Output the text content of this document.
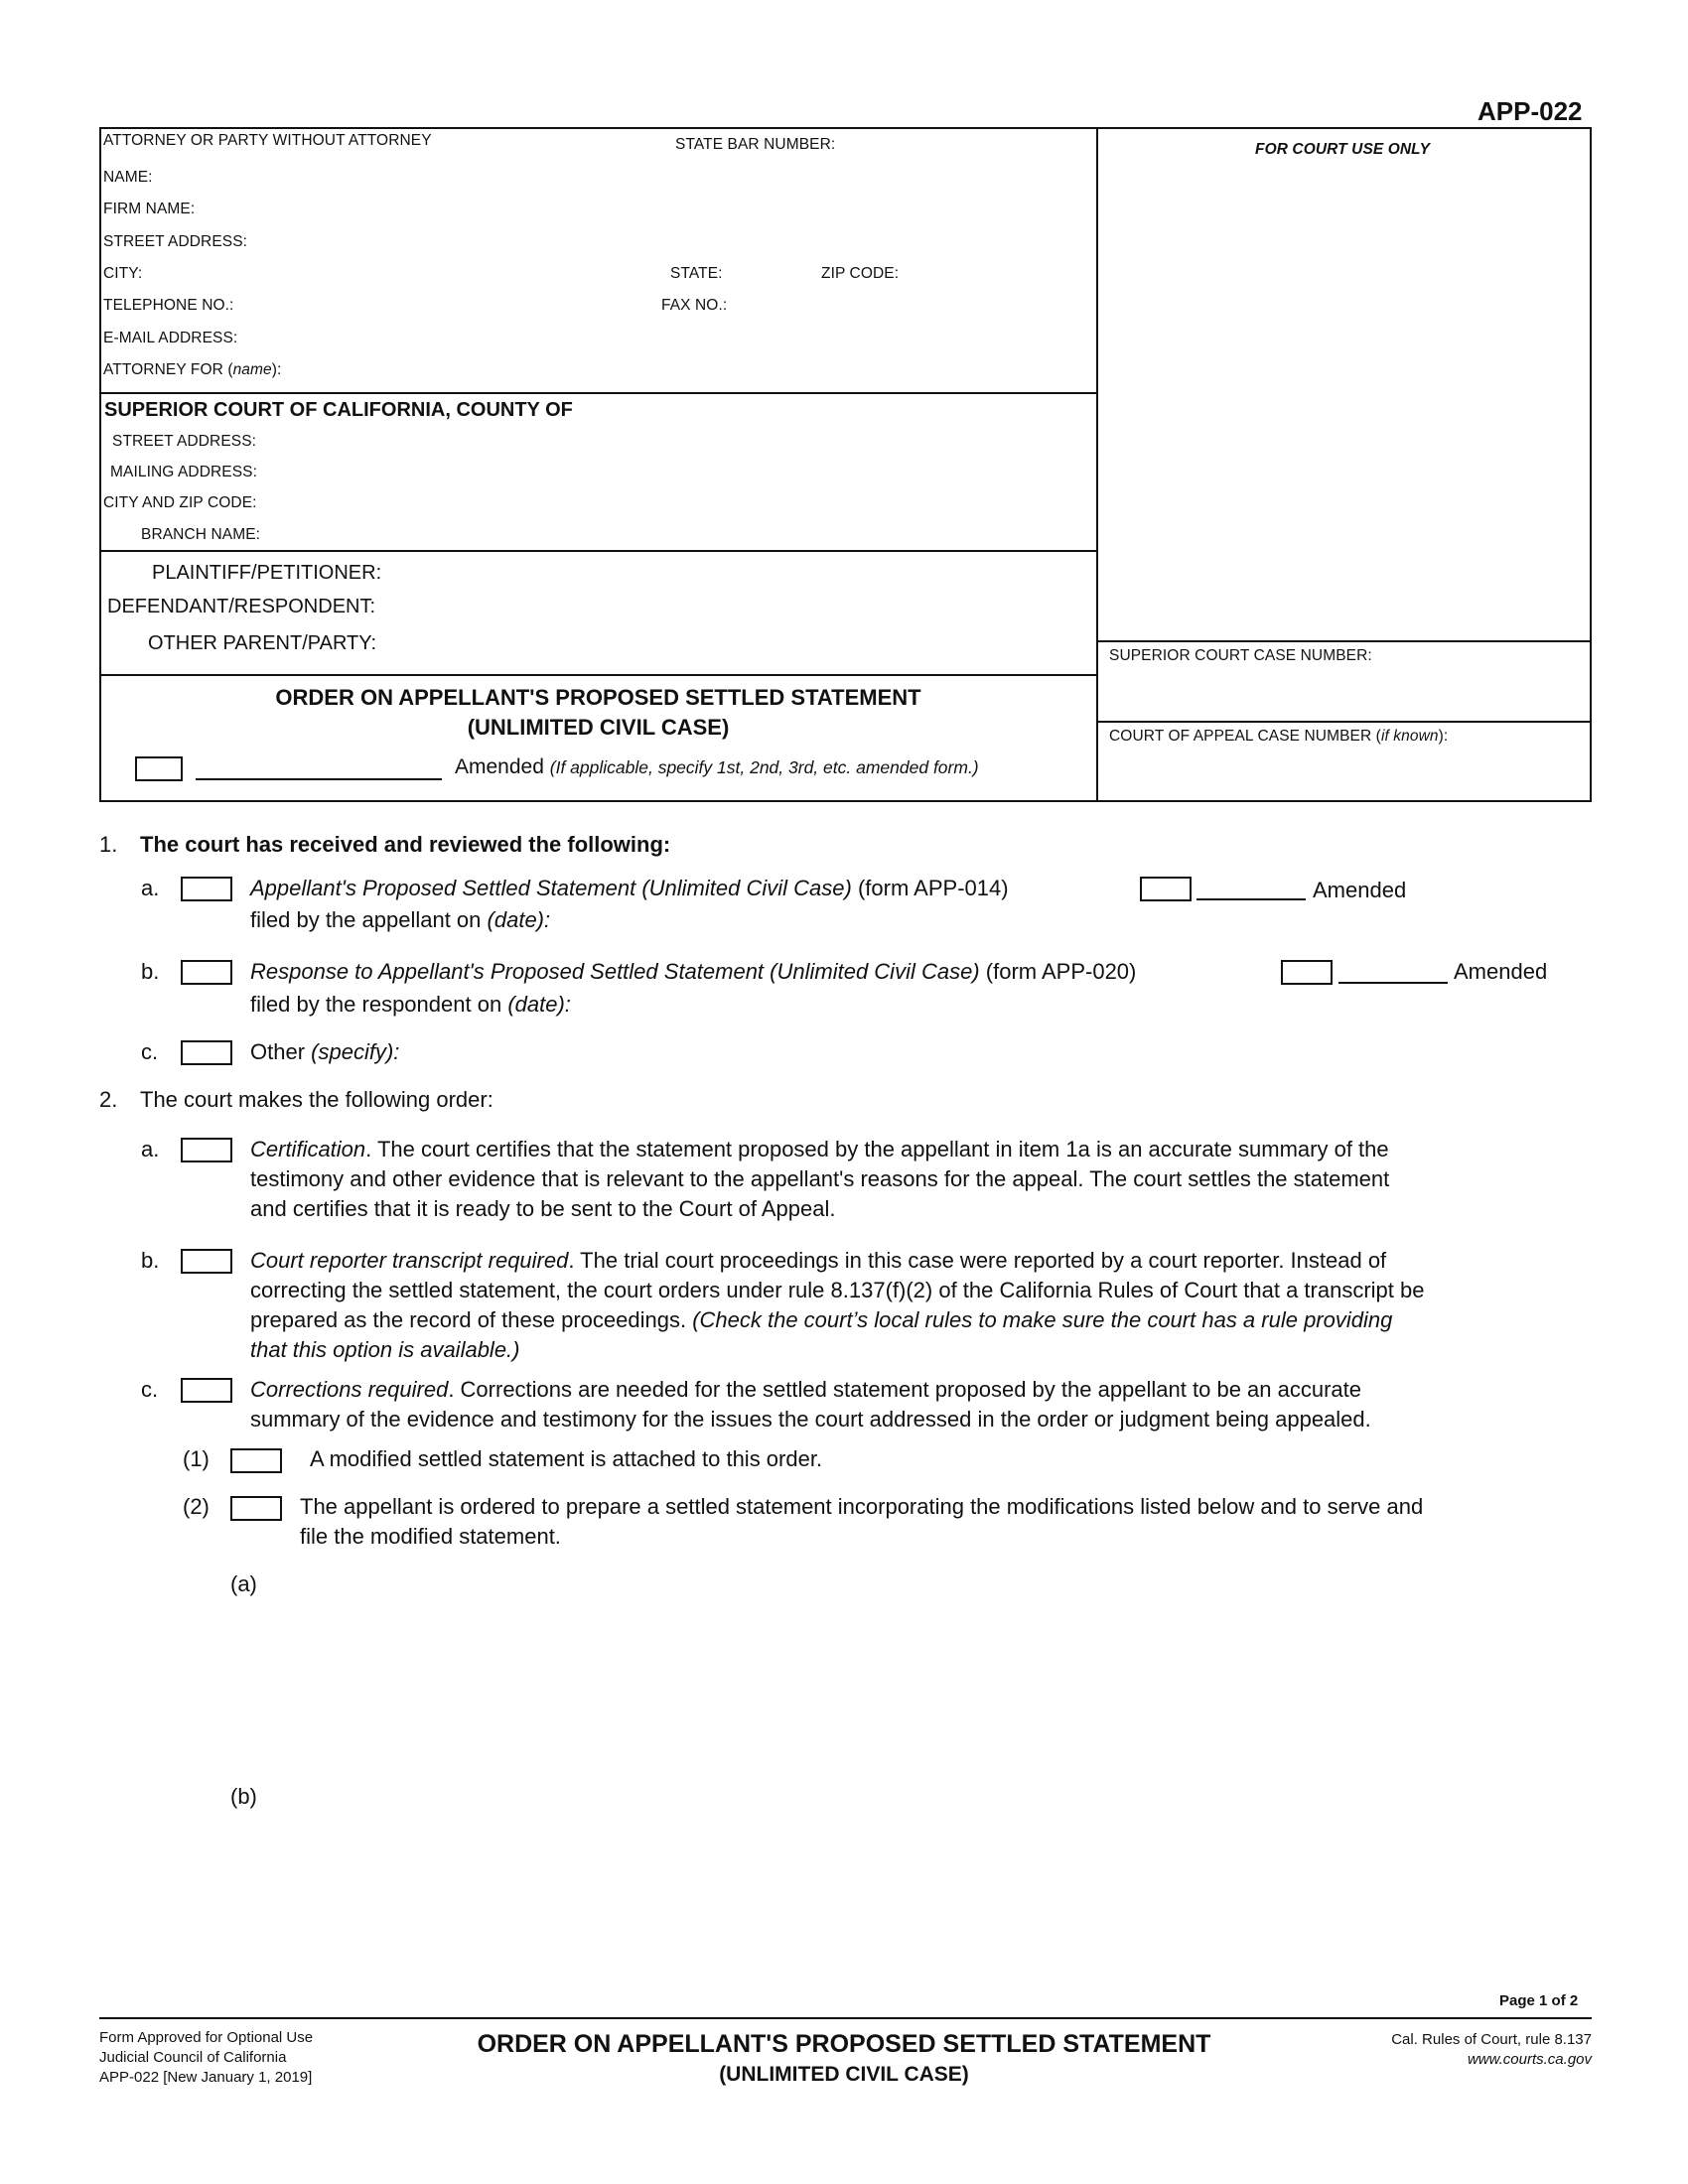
APP-022
ATTORNEY OR PARTY WITHOUT ATTORNEY	STATE BAR NUMBER:	FOR COURT USE ONLY
NAME:
FIRM NAME:
STREET ADDRESS:
CITY:	STATE:	ZIP CODE:
TELEPHONE NO.:	FAX NO.:
E-MAIL ADDRESS:
ATTORNEY FOR (name):
SUPERIOR COURT OF CALIFORNIA, COUNTY OF
STREET ADDRESS:
MAILING ADDRESS:
CITY AND ZIP CODE:
BRANCH NAME:
PLAINTIFF/PETITIONER:
DEFENDANT/RESPONDENT:
OTHER PARENT/PARTY:
SUPERIOR COURT CASE NUMBER:
COURT OF APPEAL CASE NUMBER (if known):
ORDER ON APPELLANT'S PROPOSED SETTLED STATEMENT
(UNLIMITED CIVIL CASE)
Amended (If applicable, specify 1st, 2nd, 3rd, etc. amended form.)
1. The court has received and reviewed the following:
a.	Appellant's Proposed Settled Statement (Unlimited Civil Case) (form APP-014)	Amended
filed by the appellant on (date):
b.	Response to Appellant's Proposed Settled Statement (Unlimited Civil Case) (form APP-020)	Amended
filed by the respondent on (date):
c.	Other (specify):
2. The court makes the following order:
a.	Certification. The court certifies that the statement proposed by the appellant in item 1a is an accurate summary of the
testimony and other evidence that is relevant to the appellant's reasons for the appeal. The court settles the statement
and certifies that it is ready to be sent to the Court of Appeal.
b.	Court reporter transcript required. The trial court proceedings in this case were reported by a court reporter. Instead of
correcting the settled statement, the court orders under rule 8.137(f)(2) of the California Rules of Court that a transcript be
prepared as the record of these proceedings. (Check the court’s local rules to make sure the court has a rule providing
that this option is available.)
c.	Corrections required. Corrections are needed for the settled statement proposed by the appellant to be an accurate
summary of the evidence and testimony for the issues the court addressed in the order or judgment being appealed.
(1)	A modified settled statement is attached to this order.
(2)	The appellant is ordered to prepare a settled statement incorporating the modifications listed below and to serve and
file the modified statement.
(a)
(b)
Page 1 of 2
Form Approved for Optional Use
Judicial Council of California
APP-022 [New January 1, 2019]
ORDER ON APPELLANT'S PROPOSED SETTLED STATEMENT
(UNLIMITED CIVIL CASE)
Cal. Rules of Court, rule 8.137
www.courts.ca.gov
